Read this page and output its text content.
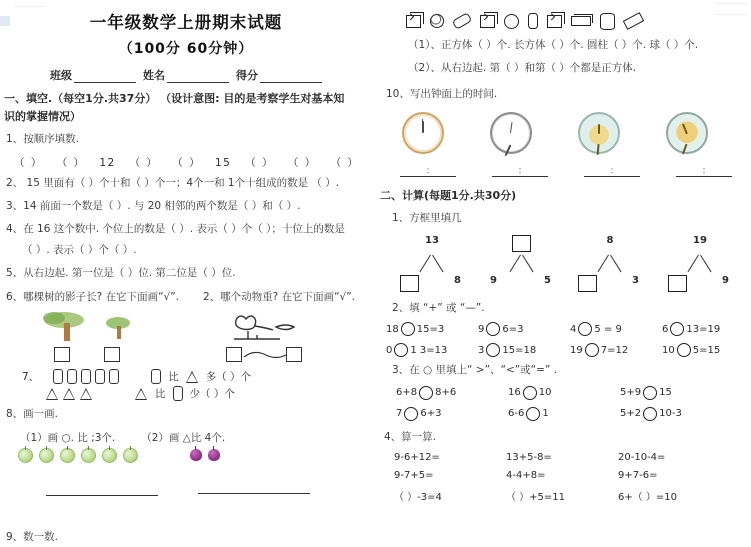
一年级数学上册期末试题
（100分 60分钟）
班级	姓名	得分
一、填空.（每空1分.共37分） （设计意图: 目的是考察学生对基本知
识的掌握情况）
1、按顺序填数.
（ ） （ ） 12 （ ） （ ） 15 （ ） （ ） （ ）
2、 15 里面有（ ）个十和（ ）个一；4个一和 1个十组成的数是 （ ）.
3、14 前面一个数是（ ）. 与 20 相邻的两个数是（ ）和（ ）.
4、在 16 这个数中. 个位上的数是（ ）. 表示（ ）个（ ）；十位上的数是
（ ）. 表示（ ）个（ ）.
5、从右边起. 第一位是（ ）位. 第二位是（ ）位.
6、哪棵树的影子长? 在它下面画“√”. 2、哪个动物重? 在它下面画“√”.
7、	比	多（ ）个
比 少（ ）个
8、画一画.
（1）画 ○. 比 ;3个. （2）画 △比 4个.
9、数一数.
（1）、正方体（ ）个. 长方体（ ）个. 圆柱（ ）个. 球（ ）个.
（2）、从右边起. 第（ ）和第（ ）个都是正方体.
10、写出钟面上的时间.
:	:	:	:
二、计算(每题1分.共30分)
1、方框里填几
13
8	9	5
8
3
19
9
2、填 “+” 或 “—”.
18 15=3	9 6=3	4 5 = 9	6 13=19
0 1 3=13	3 15=18	19 7=12	10 5=15
3、在 ○ 里填上“ >”、“<”或“=” .
6+8 8+6	16 10	5+9 15
7 6+3	6-6 1	5+2 10-3
4、算一算.

9-6+12=	13+5-8=	20-10-4=
9-7+5=	4-4+8=	9+7-6=
（ ）-3=4	（ ）+5=11	6+（ ）=10
